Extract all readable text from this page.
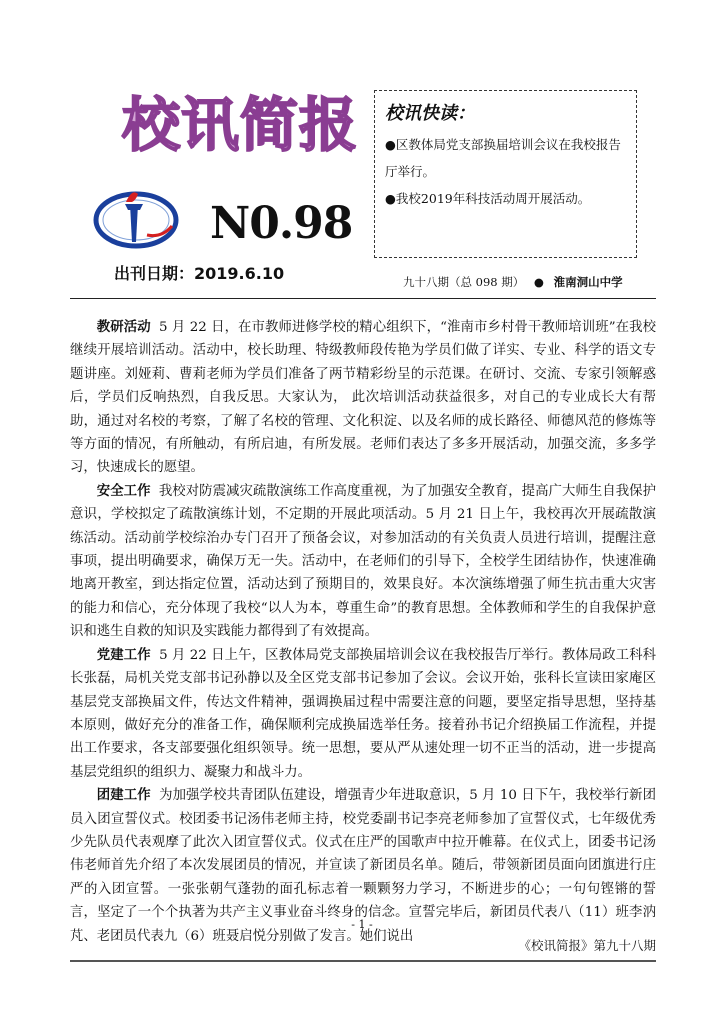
校讯简报
N0.98
出刊日期：2019.6.10
校讯快读：
●区教体局党支部换届培训会议在我校报告厅举行。
●我校2019年科技活动周开展活动。
九十八期（总 098 期） ● 淮南洞山中学

教研活动 5 月 22 日，在市教师进修学校的精心组织下，“淮南市乡村骨干教师培训班”在我校继续开展培训活动。活动中，校长助理、特级教师段传艳为学员们做了详实、专业、科学的语文专题讲座。刘娅莉、曹莉老师为学员们准备了两节精彩纷呈的示范课。在研讨、交流、专家引领解惑后，学员们反响热烈，自我反思。大家认为， 此次培训活动获益很多，对自己的专业成长大有帮助，通过对名校的考察，了解了名校的管理、文化积淀、以及名师的成长路径、师德风范的修炼等等方面的情况，有所触动，有所启迪，有所发展。老师们表达了多多开展活动，加强交流，多多学习，快速成长的愿望。

安全工作 我校对防震减灾疏散演练工作高度重视，为了加强安全教育，提高广大师生自我保护意识，学校拟定了疏散演练计划，不定期的开展此项活动。5 月 21 日上午，我校再次开展疏散演练活动。活动前学校综治办专门召开了预备会议，对参加活动的有关负责人员进行培训，提醒注意事项，提出明确要求，确保万无一失。活动中，在老师们的引导下，全校学生团结协作，快速准确地离开教室，到达指定位置，活动达到了预期目的，效果良好。本次演练增强了师生抗击重大灾害的能力和信心，充分体现了我校“以人为本，尊重生命”的教育思想。全体教师和学生的自我保护意识和逃生自救的知识及实践能力都得到了有效提高。

党建工作 5 月 22 日上午，区教体局党支部换届培训会议在我校报告厅举行。教体局政工科科长张磊，局机关党支部书记孙静以及全区党支部书记参加了会议。会议开始，张科长宣读田家庵区基层党支部换届文件，传达文件精神，强调换届过程中需要注意的问题，要坚定指导思想，坚持基本原则，做好充分的准备工作，确保顺利完成换届选举任务。接着孙书记介绍换届工作流程，并提出工作要求，各支部要强化组织领导。统一思想，要从严从速处理一切不正当的活动，进一步提高基层党组织的组织力、凝聚力和战斗力。

团建工作 为加强学校共青团队伍建设，增强青少年进取意识，5 月 10 日下午，我校举行新团员入团宣誓仪式。校团委书记汤伟老师主持，校党委副书记李亮老师参加了宣誓仪式，七年级优秀少先队员代表观摩了此次入团宣誓仪式。仪式在庄严的国歌声中拉开帷幕。在仪式上，团委书记汤伟老师首先介绍了本次发展团员的情况，并宣读了新团员名单。随后，带领新团员面向团旗进行庄严的入团宣誓。一张张朝气蓬勃的面孔标志着一颗颗努力学习，不断进步的心；一句句铿锵的誓言，坚定了一个个执著为共产主义事业奋斗终身的信念。宣誓完毕后，新团员代表八（11）班李汭芃、老团员代表九（6）班聂启悦分别做了发言。她们说出

- 1 -
《校讯简报》第九十八期
